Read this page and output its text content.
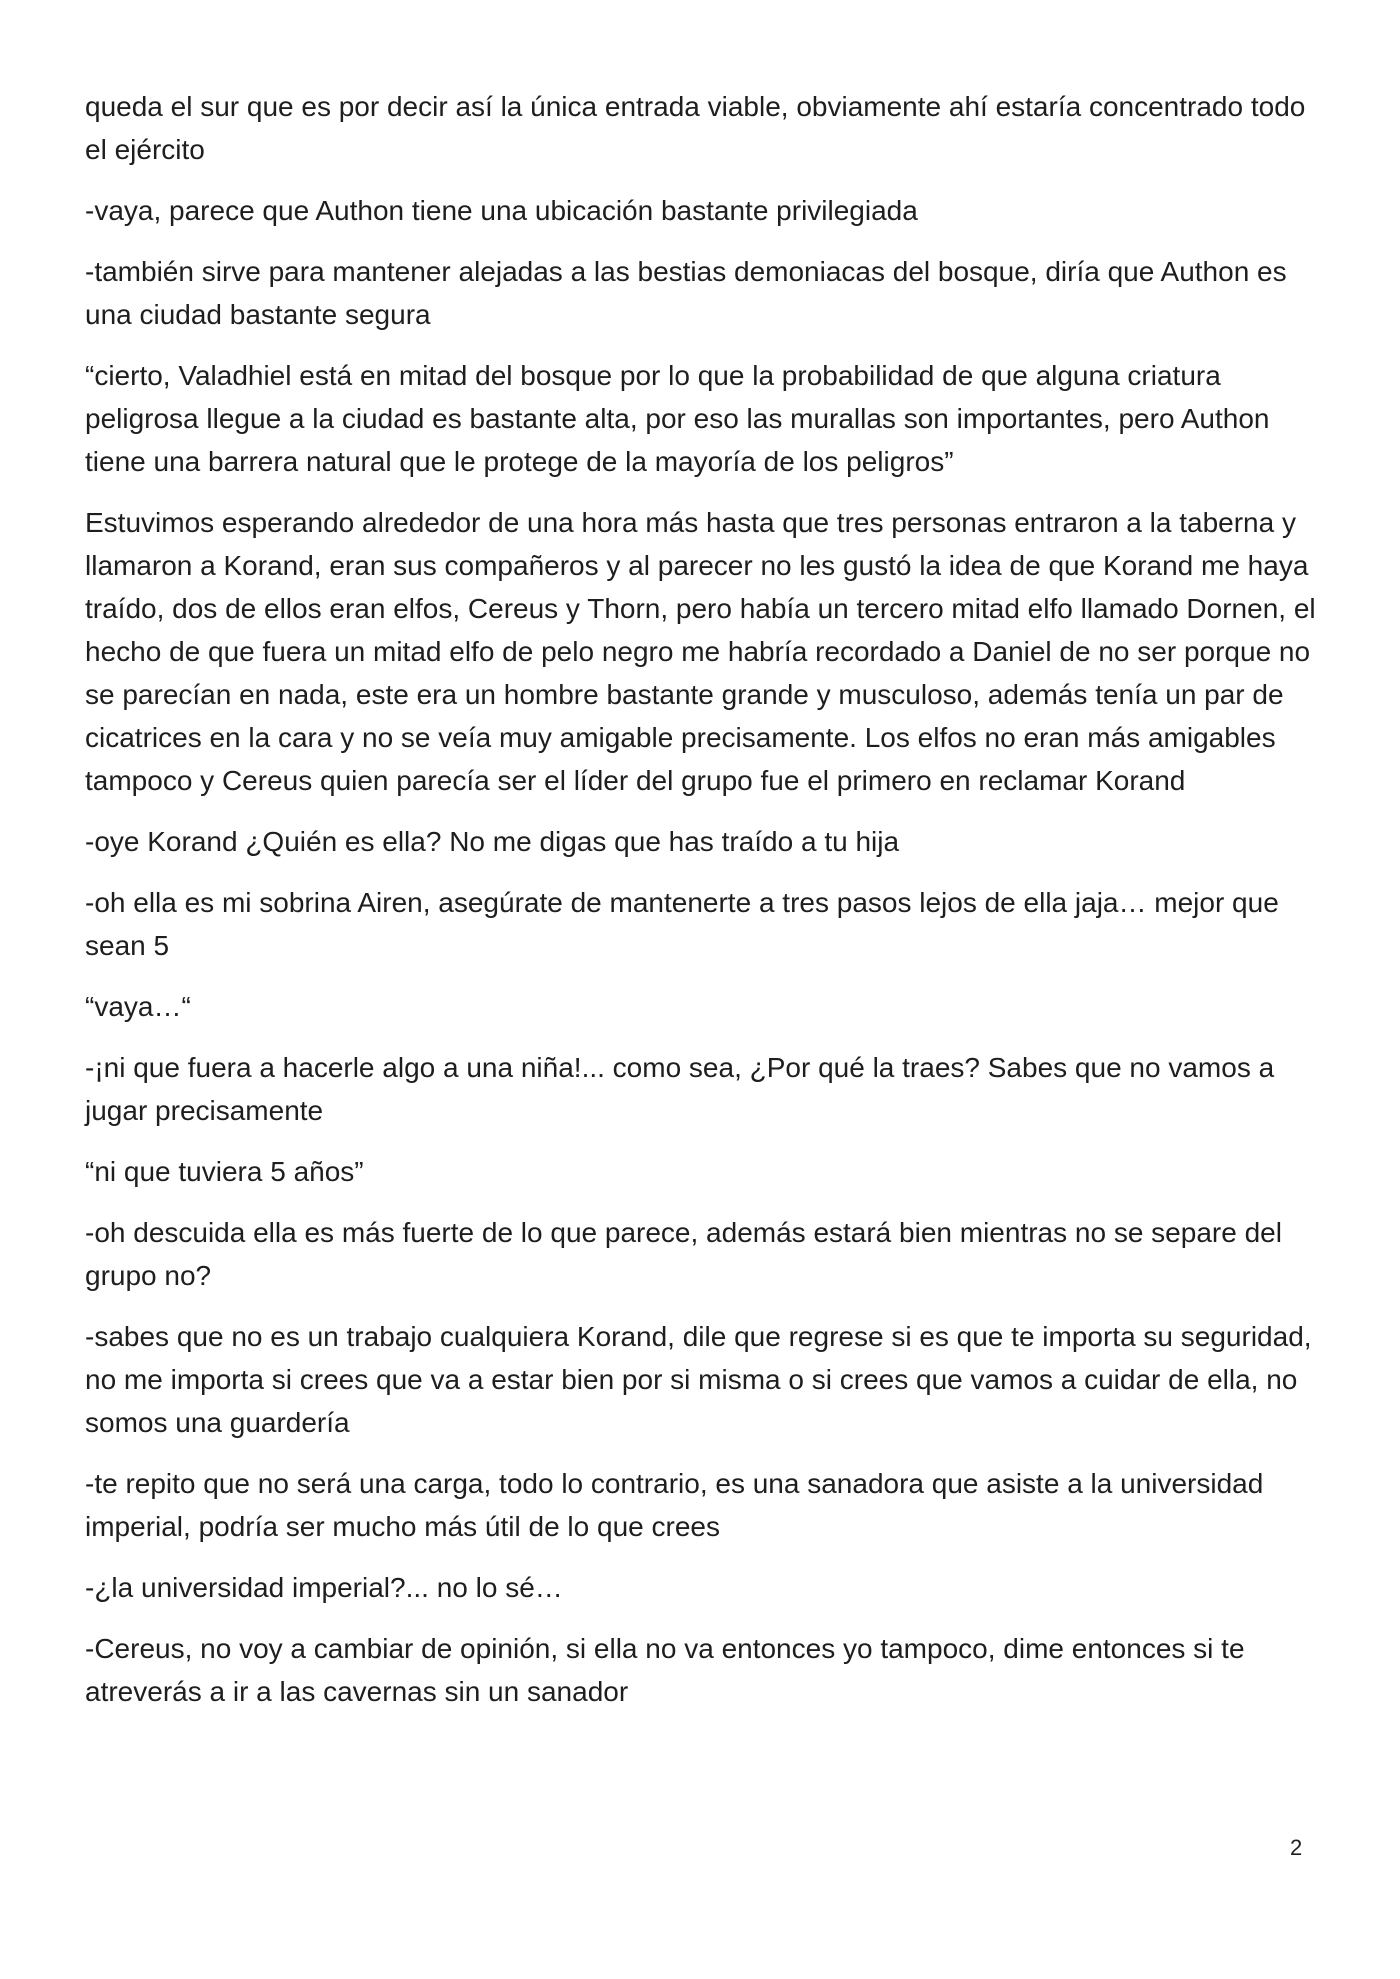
queda el sur que es por decir así la única entrada viable, obviamente ahí estaría concentrado todo el ejército

-vaya, parece que Authon tiene una ubicación bastante privilegiada

-también sirve para mantener alejadas a las bestias demoniacas del bosque, diría que Authon es una ciudad bastante segura

“cierto, Valadhiel está en mitad del bosque por lo que la probabilidad de que alguna criatura peligrosa llegue a la ciudad es bastante alta, por eso las murallas son importantes, pero Authon tiene una barrera natural que le protege de la mayoría de los peligros”

Estuvimos esperando alrededor de una hora más hasta que tres personas entraron a la taberna y llamaron a Korand, eran sus compañeros y al parecer no les gustó la idea de que Korand me haya traído, dos de ellos eran elfos, Cereus y Thorn, pero había un tercero mitad elfo llamado Dornen, el hecho de que fuera un mitad elfo de pelo negro me habría recordado a Daniel de no ser porque no se parecían en nada, este era un hombre bastante grande y musculoso, además tenía un par de cicatrices en la cara y no se veía muy amigable precisamente. Los elfos no eran más amigables tampoco y Cereus quien parecía ser el líder del grupo fue el primero en reclamar Korand

-oye Korand ¿Quién es ella? No me digas que has traído a tu hija

-oh ella es mi sobrina Airen, asegúrate de mantenerte a tres pasos lejos de ella jaja… mejor que sean 5

“vaya…“

-¡ni que fuera a hacerle algo a una niña!... como sea, ¿Por qué la traes? Sabes que no vamos a jugar precisamente

“ni que tuviera 5 años”

-oh descuida ella es más fuerte de lo que parece, además estará bien mientras no se separe del grupo no?

-sabes que no es un trabajo cualquiera Korand, dile que regrese si es que te importa su seguridad, no me importa si crees que va a estar bien por si misma o si crees que vamos a cuidar de ella, no somos una guardería

-te repito que no será una carga, todo lo contrario, es una sanadora que asiste a la universidad imperial, podría ser mucho más útil de lo que crees

-¿la universidad imperial?... no lo sé…

-Cereus, no voy a cambiar de opinión, si ella no va entonces yo tampoco, dime entonces si te atreverás a ir a las cavernas sin un sanador

2
